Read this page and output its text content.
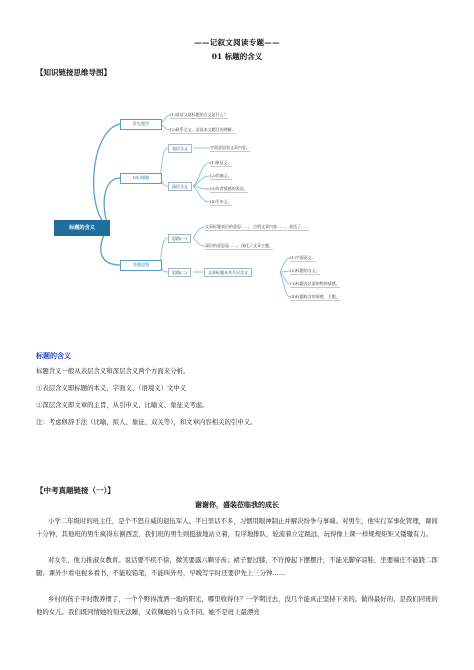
——记叙文阅读专题——
01 标题的含义
【知识链接思维导图】
标题的含义
常见题型
(1)谈谈文章标题的含义是什么？
(2)联系全文，谈谈本文题目的理解。
知识理解
表层含义	字面意思加文章内容。
深层含义
(1)象征义。
(2)比喻义。
(3)作者情感的表达。
(4)引申义。
答题思路
思路(一)
文章标题表层的意思……，点明文章内容……，表达了……
深层的意思是……，深化了文章主题。
思路(二)	文章标题具有几层含义
(1)字面意义。
(2)标题的含义。
(3)标题表层面的物的情感。
(4)标题暗含的情感，主题。
标题的含义
标题含义一般从表层含义和深层含义两个方面来分析。
①表层含义即标题的本义、字面义、（语境义）文中义
②深层含义即文章的主旨，从引申义、比喻义、象征义考虑。
注：考虑修辞手法（比喻、拟人、象征、双关等），和文章内容相关的引申义。
【中考真题链接（一）】
谢谢你，盛装莅临我的成长
小学二年级时的班主任，是个不怒自威的退伍军人。平日里话不多，习惯用眼神制止并解决纷争与事端。对男生，他实行军事化管理，课间十分钟，其他班的男生疯得东倒西歪，我们班的男生则挺拔地站立着，有序地排队，轮流着立定跳远，玩得像上课一样规规矩矩又镂辙有力。
对女生，他力推淑女教育。说话要不疾不徐，微笑要露六颗牙齿；裙子要过膝，不许撩起下摆摆汗，不能光脚穿凉鞋，坐要端庄不能跷二郎腿；课外少看电视多看书，不能咬铅笔，不能叫外号，早晚写字时还要伊先上三分钟……
乡村的孩子平时散养惯了，一个个野得泼洒一地的阳光，哪里收得住？一学期过去，没几个能真正坚持下来的。做得最好的，是我们同班的他的女儿。我们既同情她的刻无法睡，又钦佩她的与众不同。她不是班上最漂亮
